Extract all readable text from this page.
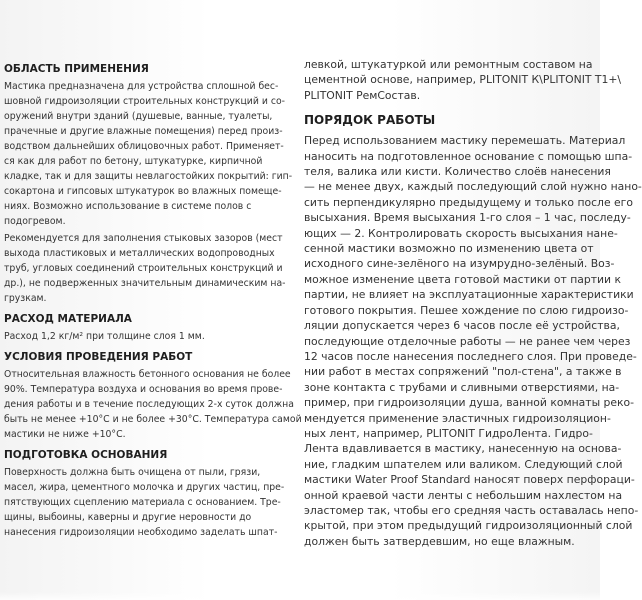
ОБЛАСТЬ ПРИМЕНЕНИЯ

Мастика предназначена для устройства сплошной бес-
шовной гидроизоляции строительных конструкций и со-
оружений внутри зданий (душевые, ванные, туалеты,
прачечные и другие влажные помещения) перед произ-
водством дальнейших облицовочных работ. Применяет-
ся как для работ по бетону, штукатурке, кирпичной
кладке, так и для защиты невлагостойких покрытий: гип-
сокартона и гипсовых штукатурок во влажных помеще-
ниях. Возможно использование в системе полов с
подогревом.

Рекомендуется для заполнения стыковых зазоров (мест
выхода пластиковых и металлических водопроводных
труб, угловых соединений строительных конструкций и
др.), не подверженных значительным динамическим на-
грузкам.

РАСХОД МАТЕРИАЛА

Расход 1,2 кг/м² при толщине слоя 1 мм.

УСЛОВИЯ ПРОВЕДЕНИЯ РАБОТ

Относительная влажность бетонного основания не более
90%. Температура воздуха и основания во время прове-
дения работы и в течение последующих 2-х суток должна
быть не менее +10°С и не более +30°С. Температура самой
мастики не ниже +10°С.

ПОДГОТОВКА ОСНОВАНИЯ

Поверхность должна быть очищена от пыли, грязи,
масел, жира, цементного молочка и других частиц, пре-
пятствующих сцеплению материала с основанием. Тре-
щины, выбоины, каверны и другие неровности до
нанесения гидроизоляции необходимо заделать шпат-

левкой, штукатуркой или ремонтным составом на
цементной основе, например, PLITONIT К\PLITONIT Т1+\
PLITONIT РемСостав.

ПОРЯДОК РАБОТЫ

Перед использованием мастику перемешать. Материал
наносить на подготовленное основание с помощью шпа-
теля, валика или кисти. Количество слоёв нанесения
— не менее двух, каждый последующий слой нужно нано-
сить перпендикулярно предыдущему и только после его
высыхания. Время высыхания 1-го слоя – 1 час, последу-
ющих — 2. Контролировать скорость высыхания нане-
сенной мастики возможно по изменению цвета от
исходного сине-зелёного на изумрудно-зелёный. Воз-
можное изменение цвета готовой мастики от партии к
партии, не влияет на эксплуатационные характеристики
готового покрытия. Пешее хождение по слою гидроизо-
ляции допускается через 6 часов после её устройства,
последующие отделочные работы — не ранее чем через
12 часов после нанесения последнего слоя. При проведе-
нии работ в местах сопряжений "пол-стена", а также в
зоне контакта с трубами и сливными отверстиями, на-
пример, при гидроизоляции душа, ванной комнаты реко-
мендуется применение эластичных гидроизоляцион-
ных лент, например, PLITONIT ГидроЛента. Гидро-
Лента вдавливается в мастику, нанесенную на основа-
ние, гладким шпателем или валиком. Следующий слой
мастики Water Proof Standard наносят поверх перфораци-
онной краевой части ленты с небольшим нахлестом на
эластомер так, чтобы его средняя часть оставалась непо-
крытой, при этом предыдущий гидроизоляционный слой
должен быть затвердевшим, но еще влажным.
